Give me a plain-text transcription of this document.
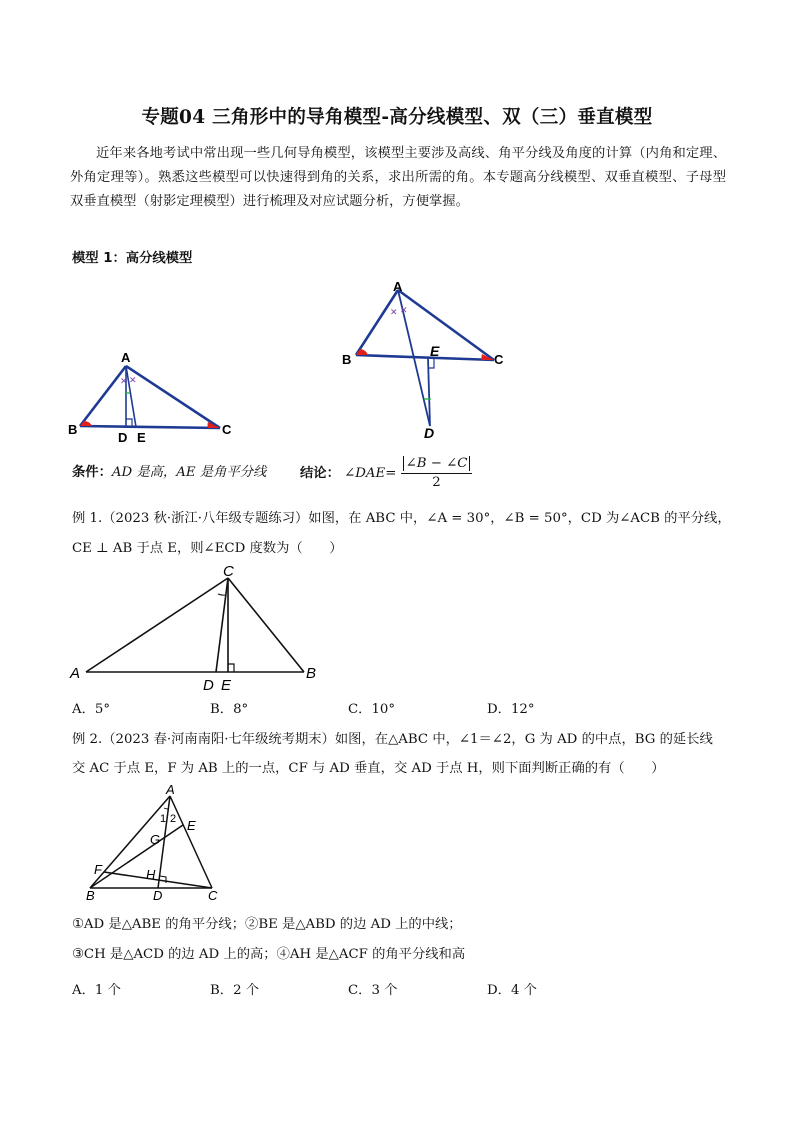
专题04 三角形中的导角模型-高分线模型、双（三）垂直模型
近年来各地考试中常出现一些几何导角模型，该模型主要涉及高线、角平分线及角度的计算（内角和定理、外角定理等）。熟悉这些模型可以快速得到角的关系，求出所需的角。本专题高分线模型、双垂直模型、子母型双垂直模型（射影定理模型）进行梳理及对应试题分析，方便掌握。
模型 1：高分线模型
✕ ✕
A
B	C
D E
✕ ✕
A
B	C
D
E
条件：AD 是高，AE 是角平分线	结论： ∠DAE= $\frac{\angle B - \angle C}{2}$
例 1.（2023 秋·浙江·八年级专题练习）如图，在 ABC 中，∠A = 30°，∠B = 50°，CD 为∠ACB 的平分线，
CE ⊥ AB 于点 E，则∠ECD 度数为（　　）
C
A	B
D E
A．5°	B．8°	C．10°	D．12°
例 2.（2023 春·河南南阳·七年级统考期末）如图，在△ABC 中，∠1＝∠2，G 为 AD 的中点，BG 的延长线
交 AC 于点 E，F 为 AB 上的一点，CF 与 AD 垂直，交 AD 于点 H，则下面判断正确的有（　　）
A
1 2 E
G
F	H
B	D	C
①AD 是△ABE 的角平分线；②BE 是△ABD 的边 AD 上的中线；
③CH 是△ACD 的边 AD 上的高；④AH 是△ACF 的角平分线和高
A．1 个	B．2 个	C．3 个	D．4 个
